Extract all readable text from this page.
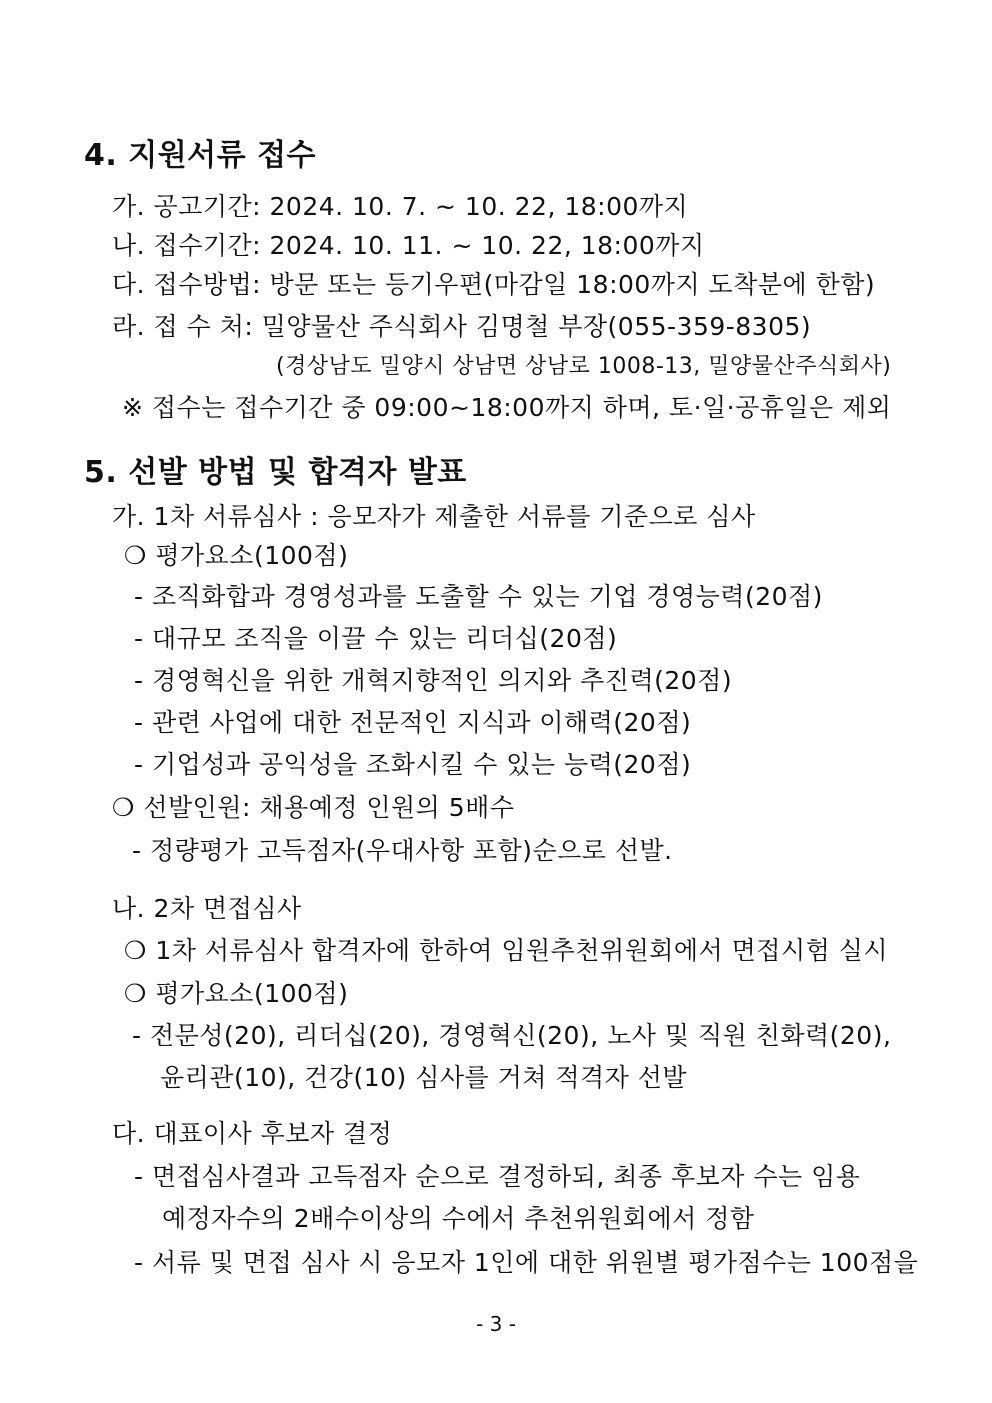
4. 지원서류 접수
가. 공고기간: 2024. 10. 7. ~ 10. 22, 18:00까지
나. 접수기간: 2024. 10. 11. ~ 10. 22, 18:00까지
다. 접수방법: 방문 또는 등기우편(마감일 18:00까지 도착분에 한함)
라. 접 수 처: 밀양물산 주식회사 김명철 부장(055-359-8305)
(경상남도 밀양시 상남면 상남로 1008-13, 밀양물산주식회사)
※ 접수는 접수기간 중 09:00~18:00까지 하며, 토·일·공휴일은 제외
5. 선발 방법 및 합격자 발표
가. 1차 서류심사 : 응모자가 제출한 서류를 기준으로 심사
❍ 평가요소(100점)
- 조직화합과 경영성과를 도출할 수 있는 기업 경영능력(20점)
- 대규모 조직을 이끌 수 있는 리더십(20점)
- 경영혁신을 위한 개혁지향적인 의지와 추진력(20점)
- 관련 사업에 대한 전문적인 지식과 이해력(20점)
- 기업성과 공익성을 조화시킬 수 있는 능력(20점)
❍ 선발인원: 채용예정 인원의 5배수
- 정량평가 고득점자(우대사항 포함)순으로 선발.
나. 2차 면접심사
❍ 1차 서류심사 합격자에 한하여 임원추천위원회에서 면접시험 실시
❍ 평가요소(100점)
- 전문성(20), 리더십(20), 경영혁신(20), 노사 및 직원 친화력(20),
윤리관(10), 건강(10) 심사를 거쳐 적격자 선발
다. 대표이사 후보자 결정
- 면접심사결과 고득점자 순으로 결정하되, 최종 후보자 수는 임용
예정자수의 2배수이상의 수에서 추천위원회에서 정함
- 서류 및 면접 심사 시 응모자 1인에 대한 위원별 평가점수는 100점을
- 3 -
